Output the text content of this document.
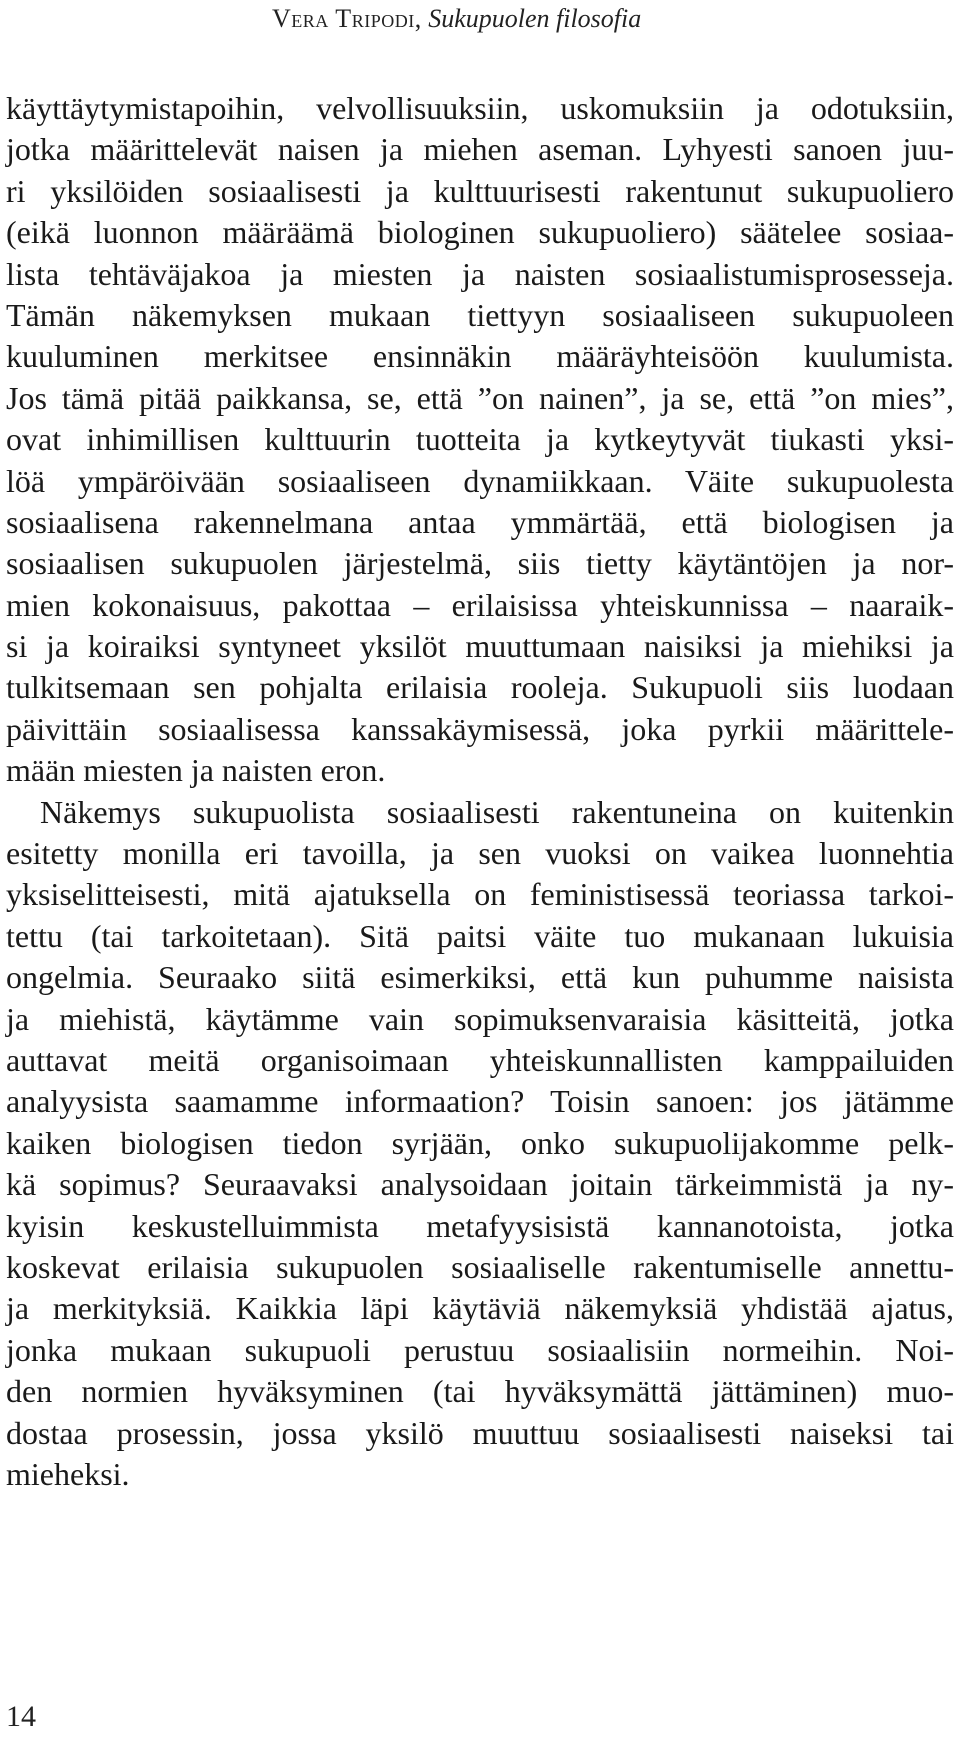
Vera Tripodi, Sukupuolen filosofia
käyttäytymistapoihin, velvollisuuksiin, uskomuksiin ja odotuksiin,
jotka määrittelevät naisen ja miehen aseman. Lyhyesti sanoen juu-
ri yksilöiden sosiaalisesti ja kulttuurisesti rakentunut sukupuoliero
(eikä luonnon määräämä biologinen sukupuoliero) säätelee sosiaa-
lista tehtäväjakoa ja miesten ja naisten sosiaalistumisprosesseja.
Tämän näkemyksen mukaan tiettyyn sosiaaliseen sukupuoleen
kuuluminen merkitsee ensinnäkin määräyhteisöön kuulumista.
Jos tämä pitää paikkansa, se, että ”on nainen”, ja se, että ”on mies”,
ovat inhimillisen kulttuurin tuotteita ja kytkeytyvät tiukasti yksi-
löä ympäröivään sosiaaliseen dynamiikkaan. Väite sukupuolesta
sosiaalisena rakennelmana antaa ymmärtää, että biologisen ja
sosiaalisen sukupuolen järjestelmä, siis tietty käytäntöjen ja nor-
mien kokonaisuus, pakottaa – erilaisissa yhteiskunnissa – naaraik-
si ja koiraiksi syntyneet yksilöt muuttumaan naisiksi ja miehiksi ja
tulkitsemaan sen pohjalta erilaisia rooleja. Sukupuoli siis luodaan
päivittäin sosiaalisessa kanssakäymisessä, joka pyrkii määrittele-
mään miesten ja naisten eron.
Näkemys sukupuolista sosiaalisesti rakentuneina on kuitenkin
esitetty monilla eri tavoilla, ja sen vuoksi on vaikea luonnehtia
yksiselitteisesti, mitä ajatuksella on feministisessä teoriassa tarkoi-
tettu (tai tarkoitetaan). Sitä paitsi väite tuo mukanaan lukuisia
ongelmia. Seuraako siitä esimerkiksi, että kun puhumme naisista
ja miehistä, käytämme vain sopimuksenvaraisia käsitteitä, jotka
auttavat meitä organisoimaan yhteiskunnallisten kamppailuiden
analyysista saamamme informaation? Toisin sanoen: jos jätämme
kaiken biologisen tiedon syrjään, onko sukupuolijakomme pelk-
kä sopimus? Seuraavaksi analysoidaan joitain tärkeimmistä ja ny-
kyisin keskustelluimmista metafyysisistä kannanotoista, jotka
koskevat erilaisia sukupuolen sosiaaliselle rakentumiselle annettu-
ja merkityksiä. Kaikkia läpi käytäviä näkemyksiä yhdistää ajatus,
jonka mukaan sukupuoli perustuu sosiaalisiin normeihin. Noi-
den normien hyväksyminen (tai hyväksymättä jättäminen) muo-
dostaa prosessin, jossa yksilö muuttuu sosiaalisesti naiseksi tai
mieheksi.
14
